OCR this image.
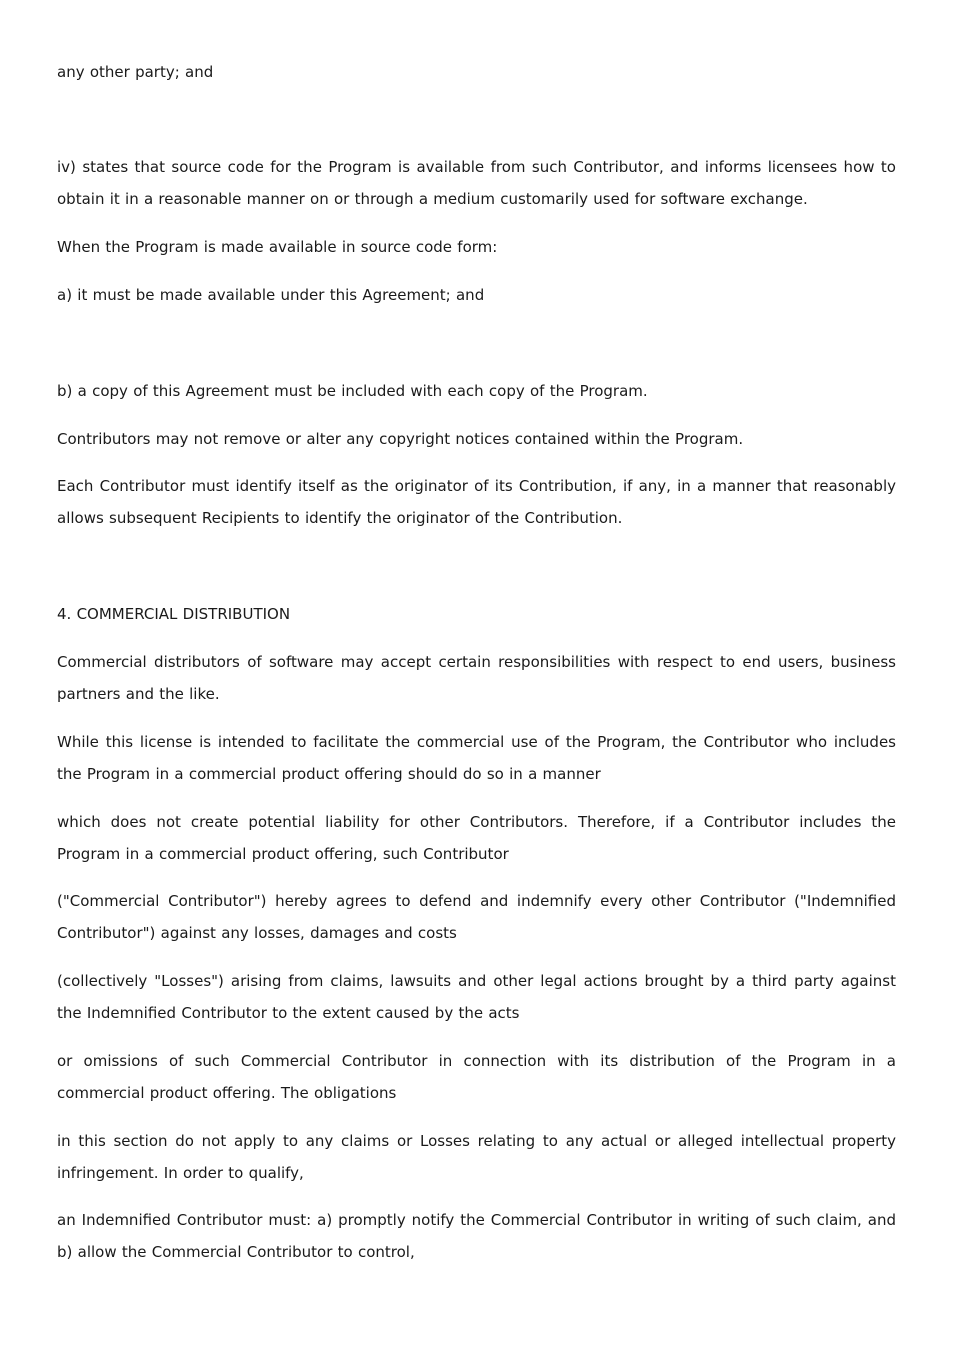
any other party; and

iv) states that source code for the Program is available from such Contributor, and informs licensees how to obtain it in a reasonable manner on or through a medium customarily used for software exchange.

When the Program is made available in source code form:

a) it must be made available under this Agreement; and

b) a copy of this Agreement must be included with each copy of the Program.

Contributors may not remove or alter any copyright notices contained within the Program.

Each Contributor must identify itself as the originator of its Contribution, if any, in a manner that reasonably allows subsequent Recipients to identify the originator of the Contribution.

4. COMMERCIAL DISTRIBUTION

Commercial distributors of software may accept certain responsibilities with respect to end users, business partners and the like.

While this license is intended to facilitate the commercial use of the Program, the Contributor who includes the Program in a commercial product offering should do so in a manner

which does not create potential liability for other Contributors. Therefore, if a Contributor includes the Program in a commercial product offering, such Contributor

("Commercial Contributor") hereby agrees to defend and indemnify every other Contributor ("Indemnified Contributor") against any losses, damages and costs

(collectively "Losses") arising from claims, lawsuits and other legal actions brought by a third party against the Indemnified Contributor to the extent caused by the acts

or omissions of such Commercial Contributor in connection with its distribution of the Program in a commercial product offering. The obligations

in this section do not apply to any claims or Losses relating to any actual or alleged intellectual property infringement. In order to qualify,

an Indemnified Contributor must: a) promptly notify the Commercial Contributor in writing of such claim, and b) allow the Commercial Contributor to control,
